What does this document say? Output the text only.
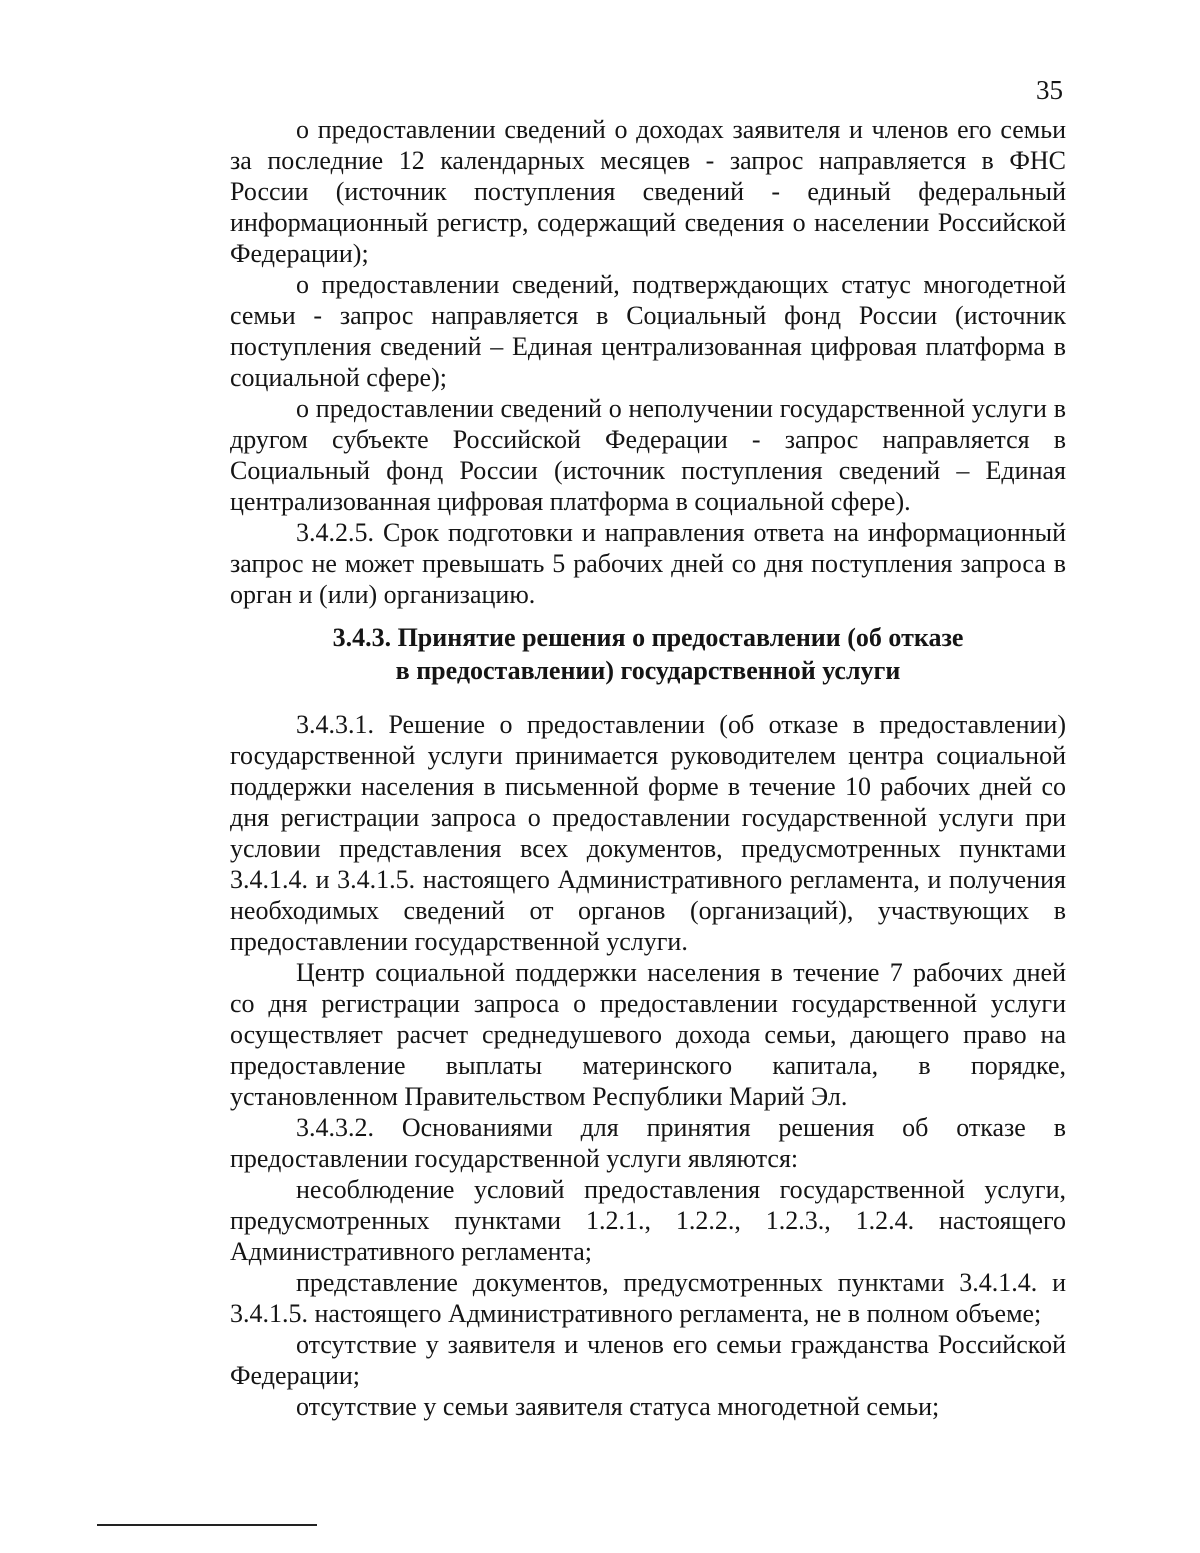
35

о предоставлении сведений о доходах заявителя и членов его семьи за последние 12 календарных месяцев - запрос направляется в ФНС России (источник поступления сведений - единый федеральный информационный регистр, содержащий сведения о населении Российской Федерации);

о предоставлении сведений, подтверждающих статус многодетной семьи - запрос направляется в Социальный фонд России (источник поступления сведений – Единая централизованная цифровая платформа в социальной сфере);

о предоставлении сведений о неполучении государственной услуги в другом субъекте Российской Федерации - запрос направляется в Социальный фонд России (источник поступления сведений – Единая централизованная цифровая платформа в социальной сфере).

3.4.2.5. Срок подготовки и направления ответа на информационный запрос не может превышать 5 рабочих дней со дня поступления запроса в орган и (или) организацию.

3.4.3. Принятие решения о предоставлении (об отказе
в предоставлении) государственной услуги

3.4.3.1. Решение о предоставлении (об отказе в предоставлении) государственной услуги принимается руководителем центра социальной поддержки населения в письменной форме в течение 10 рабочих дней со дня регистрации запроса о предоставлении государственной услуги при условии представления всех документов, предусмотренных пунктами 3.4.1.4. и 3.4.1.5. настоящего Административного регламента, и получения необходимых сведений от органов (организаций), участвующих в предоставлении государственной услуги.

Центр социальной поддержки населения в течение 7 рабочих дней со дня регистрации запроса о предоставлении государственной услуги осуществляет расчет среднедушевого дохода семьи, дающего право на предоставление выплаты материнского капитала, в порядке, установленном Правительством Республики Марий Эл.

3.4.3.2. Основаниями для принятия решения об отказе в предоставлении государственной услуги являются:

несоблюдение условий предоставления государственной услуги, предусмотренных пунктами 1.2.1., 1.2.2., 1.2.3., 1.2.4. настоящего Административного регламента;

представление документов, предусмотренных пунктами 3.4.1.4. и 3.4.1.5. настоящего Административного регламента, не в полном объеме;

отсутствие у заявителя и членов его семьи гражданства Российской Федерации;

отсутствие у семьи заявителя статуса многодетной семьи;
